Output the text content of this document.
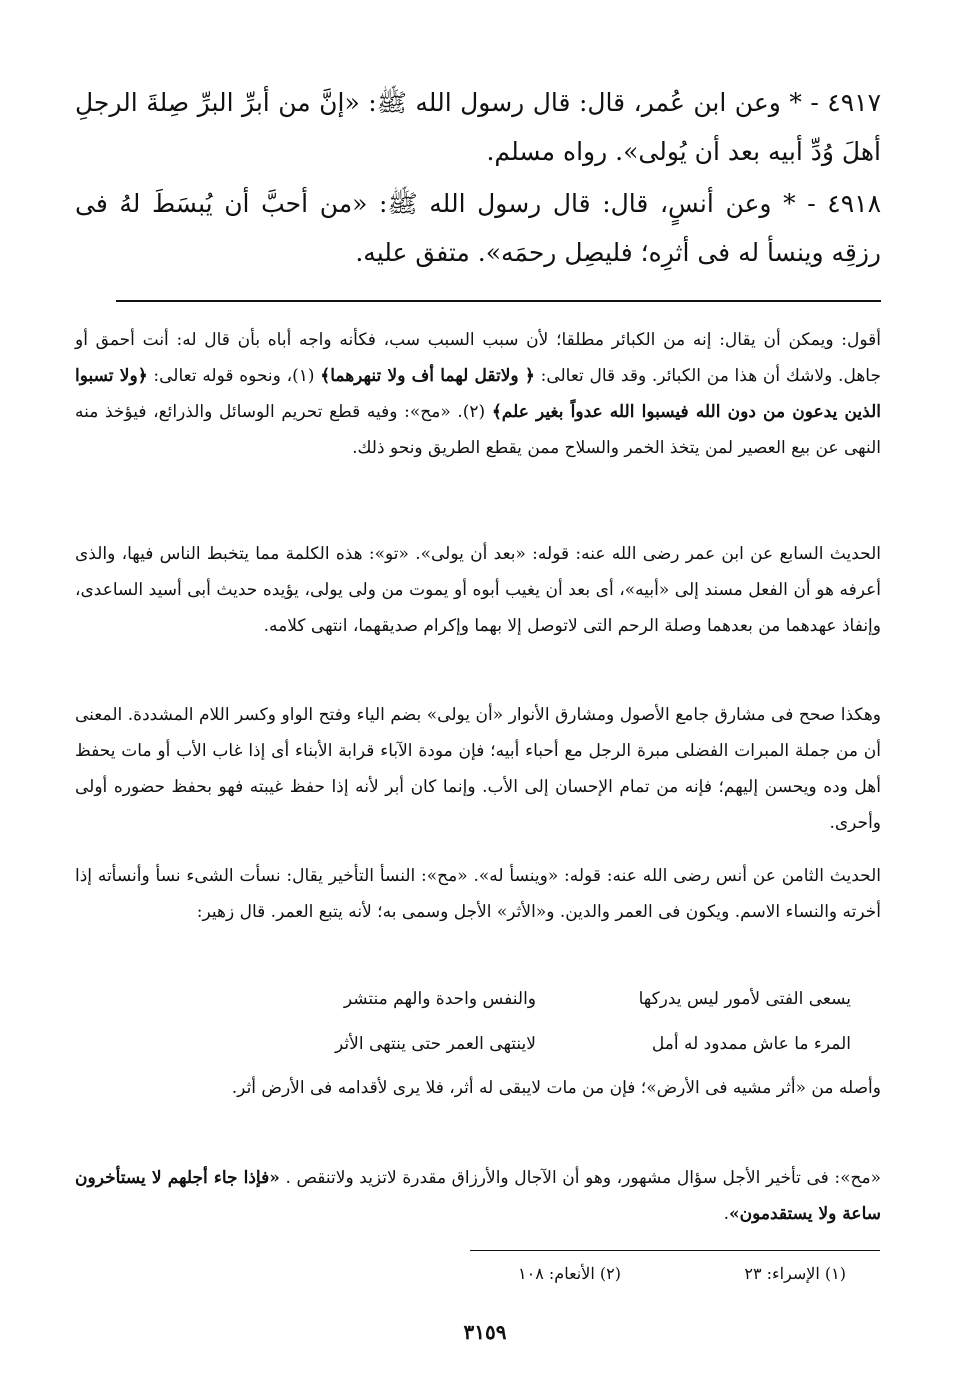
٤٩١٧ - * وعن ابن عُمر، قال: قال رسول الله ﷺ: «إنَّ من أبرِّ البرِّ صِلةَ الرجلِ أهلَ وُدِّ أبيه بعد أن يُولى». رواه مسلم.
٤٩١٨ - * وعن أنسٍ، قال: قال رسول الله ﷺ: «من أحبَّ أن يُبسَطَ لهُ فى رزقِه وينسأ له فى أثرِه؛ فليصِل رحمَه». متفق عليه.

أقول: ويمكن أن يقال: إنه من الكبائر مطلقا؛ لأن سبب السبب سب، فكأنه واجه أباه بأن قال له: أنت أحمق أو جاهل. ولاشك أن هذا من الكبائر. وقد قال تعالى: ﴿ ولاتقل لهما أف ولا تنهرهما﴾ (١)، ونحوه قوله تعالى: ﴿ولا تسبوا الذين يدعون من دون الله فيسبوا الله عدواً بغير علم﴾ (٢). «مح»: وفيه قطع تحريم الوسائل والذرائع، فيؤخذ منه النهى عن بيع العصير لمن يتخذ الخمر والسلاح ممن يقطع الطريق ونحو ذلك.

الحديث السابع عن ابن عمر رضى الله عنه: قوله: «بعد أن يولى». «تو»: هذه الكلمة مما يتخبط الناس فيها، والذى أعرفه هو أن الفعل مسند إلى «أبيه»، أى بعد أن يغيب أبوه أو يموت من ولى يولى، يؤيده حديث أبى أسيد الساعدى، وإنفاذ عهدهما من بعدهما وصلة الرحم التى لاتوصل إلا بهما وإكرام صديقهما، انتهى كلامه.

وهكذا صحح فى مشارق جامع الأصول ومشارق الأنوار «أن يولى» بضم الياء وفتح الواو وكسر اللام المشددة. المعنى أن من جملة المبرات الفضلى مبرة الرجل مع أحباء أبيه؛ فإن مودة الآباء قرابة الأبناء أى إذا غاب الأب أو مات يحفظ أهل وده ويحسن إليهم؛ فإنه من تمام الإحسان إلى الأب. وإنما كان أبر لأنه إذا حفظ غيبته فهو بحفظ حضوره أولى وأحرى.

الحديث الثامن عن أنس رضى الله عنه: قوله: «وينسأ له». «مح»: النسأ التأخير يقال: نسأت الشىء نسأ وأنسأته إذا أخرته والنساء الاسم. ويكون فى العمر والدين. و«الأثر» الأجل وسمى به؛ لأنه يتبع العمر. قال زهير:

يسعى الفتى لأمور ليس يدركها
والنفس واحدة والهم منتشر
المرء ما عاش ممدود له أمل
لاينتهى العمر حتى ينتهى الأثر

وأصله من «أثر مشيه فى الأرض»؛ فإن من مات لايبقى له أثر، فلا يرى لأقدامه فى الأرض أثر.

«مح»: فى تأخير الأجل سؤال مشهور، وهو أن الآجال والأرزاق مقدرة لاتزيد ولاتنقص . «فإذا جاء أجلهم لا يستأخرون ساعة ولا يستقدمون».

(١) الإسراء: ٢٣
(٢) الأنعام: ١٠٨
٣١٥٩
